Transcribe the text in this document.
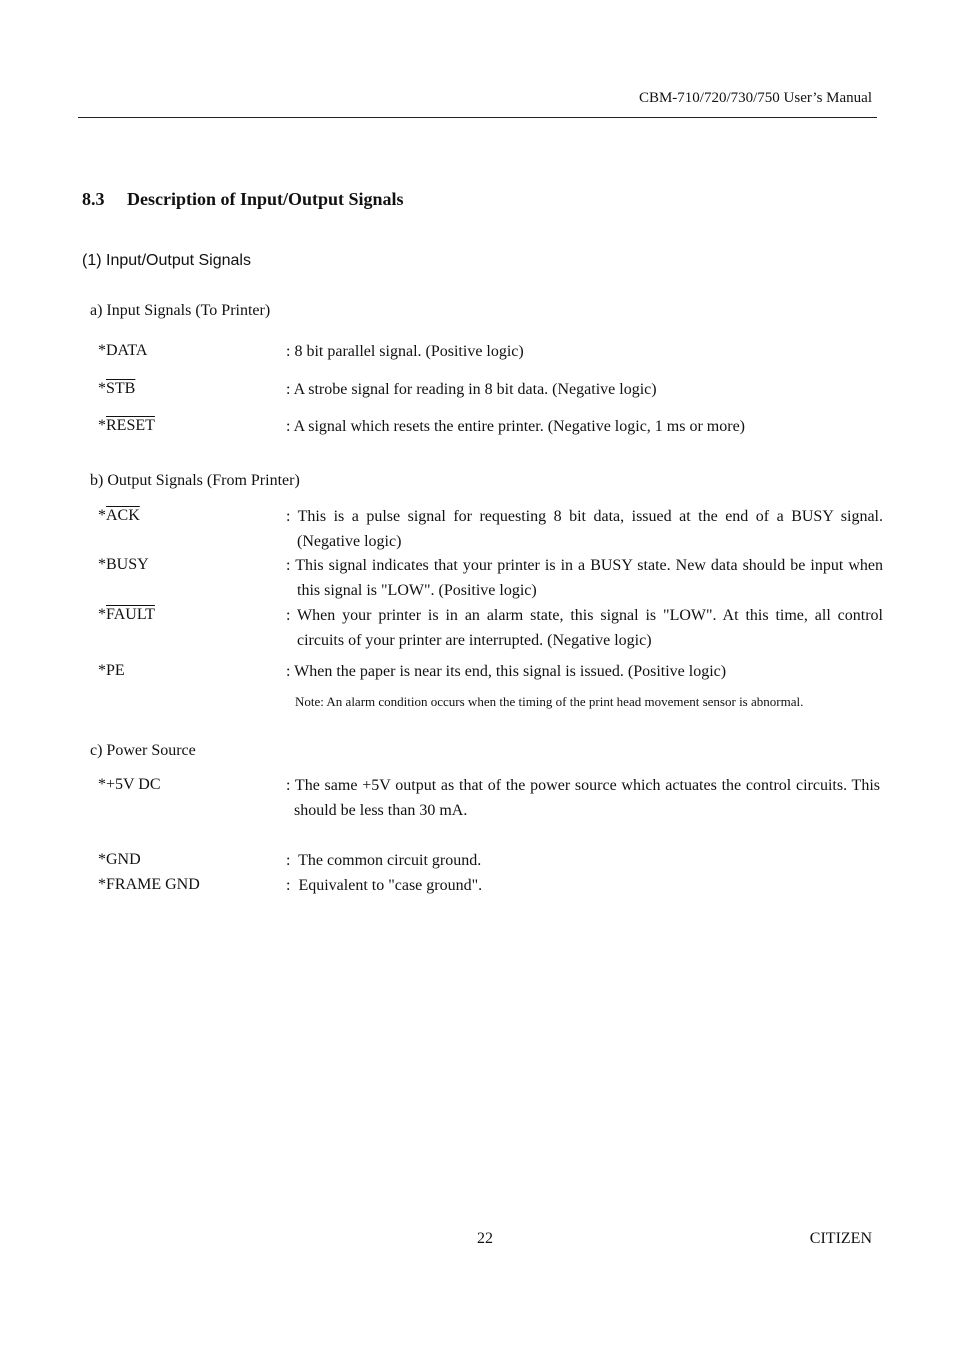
CBM-710/720/730/750 User’s Manual
8.3 Description of Input/Output Signals
(1) Input/Output Signals
a) Input Signals (To Printer)
*DATA	: 8 bit parallel signal. (Positive logic)
$*\overline{STB}$	: A strobe signal for reading in 8 bit data. (Negative logic)
*RESET	: A signal which resets the entire printer. (Negative logic, 1 ms or more)
b) Output Signals (From Printer)
$*\overline{ACK}$	: This is a pulse signal for requesting 8 bit data, issued at the end of a BUSY signal. (Negative logic)
*BUSY	: This signal indicates that your printer is in a BUSY state. New data should be input when this signal is "LOW". (Positive logic)
*FAULT	: When your printer is in an alarm state, this signal is "LOW". At this time, all control circuits of your printer are interrupted. (Negative logic)
*PE	: When the paper is near its end, this signal is issued. (Positive logic)
Note: An alarm condition occurs when the timing of the print head movement sensor is abnormal.
c) Power Source
*+5V DC	: The same +5V output as that of the power source which actuates the control circuits. This should be less than 30 mA.
*GND	:  The common circuit ground.
*FRAME GND	:  Equivalent to "case ground".
22	CITIZEN
